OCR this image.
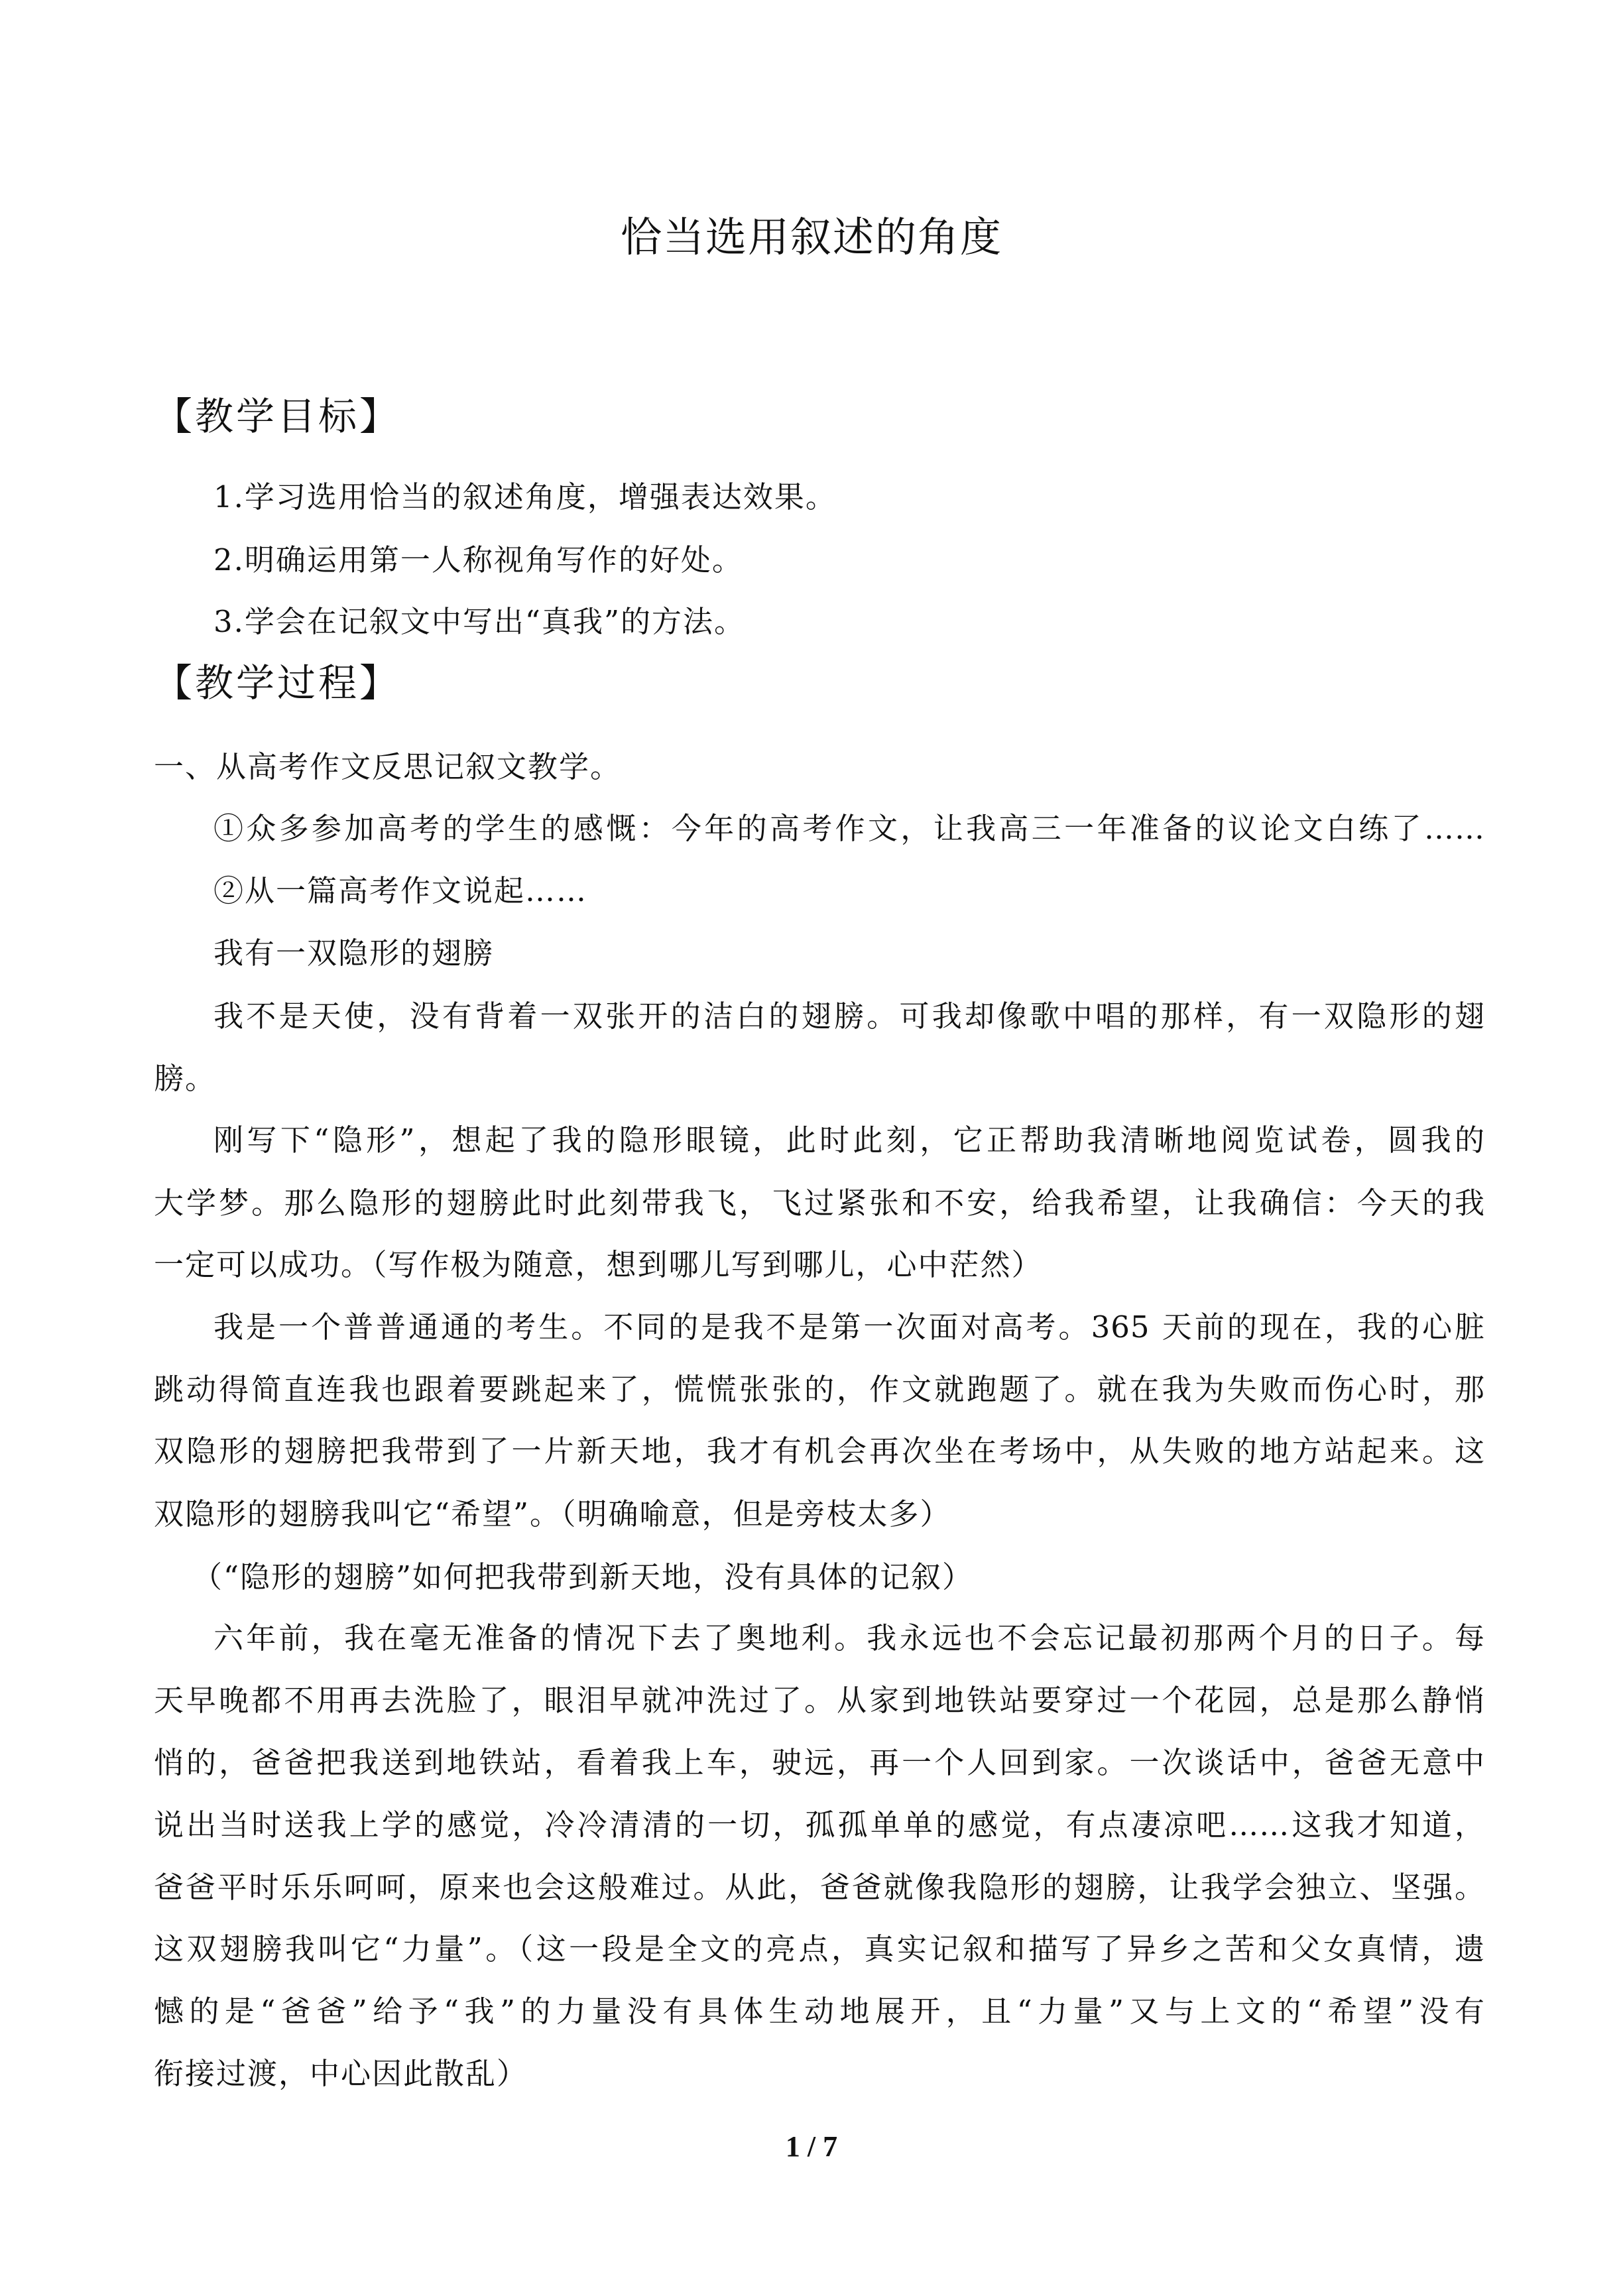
恰当选用叙述的角度
【教学目标】
1.学习选用恰当的叙述角度，增强表达效果。
2.明确运用第一人称视角写作的好处。
3.学会在记叙文中写出“真我”的方法。
【教学过程】
一、从高考作文反思记叙文教学。
①众多参加高考的学生的感慨：今年的高考作文，让我高三一年准备的议论文白练了……
②从一篇高考作文说起……
我有一双隐形的翅膀
我不是天使，没有背着一双张开的洁白的翅膀。可我却像歌中唱的那样，有一双隐形的翅
膀。
刚写下“隐形”，想起了我的隐形眼镜，此时此刻，它正帮助我清晰地阅览试卷，圆我的
大学梦。那么隐形的翅膀此时此刻带我飞，飞过紧张和不安，给我希望，让我确信：今天的我
一定可以成功。（写作极为随意，想到哪儿写到哪儿，心中茫然）
我是一个普普通通的考生。不同的是我不是第一次面对高考。365 天前的现在，我的心脏
跳动得简直连我也跟着要跳起来了，慌慌张张的，作文就跑题了。就在我为失败而伤心时，那
双隐形的翅膀把我带到了一片新天地，我才有机会再次坐在考场中，从失败的地方站起来。这
双隐形的翅膀我叫它“希望”。（明确喻意，但是旁枝太多）
（“隐形的翅膀”如何把我带到新天地，没有具体的记叙）
六年前，我在毫无准备的情况下去了奥地利。我永远也不会忘记最初那两个月的日子。每
天早晚都不用再去洗脸了，眼泪早就冲洗过了。从家到地铁站要穿过一个花园，总是那么静悄
悄的，爸爸把我送到地铁站，看着我上车，驶远，再一个人回到家。一次谈话中，爸爸无意中
说出当时送我上学的感觉，冷冷清清的一切，孤孤单单的感觉，有点凄凉吧……这我才知道，
爸爸平时乐乐呵呵，原来也会这般难过。从此，爸爸就像我隐形的翅膀，让我学会独立、坚强。
这双翅膀我叫它“力量”。（这一段是全文的亮点，真实记叙和描写了异乡之苦和父女真情，遗
憾的是“爸爸”给予“我”的力量没有具体生动地展开，且“力量”又与上文的“希望”没有
衔接过渡，中心因此散乱）
1 / 7
